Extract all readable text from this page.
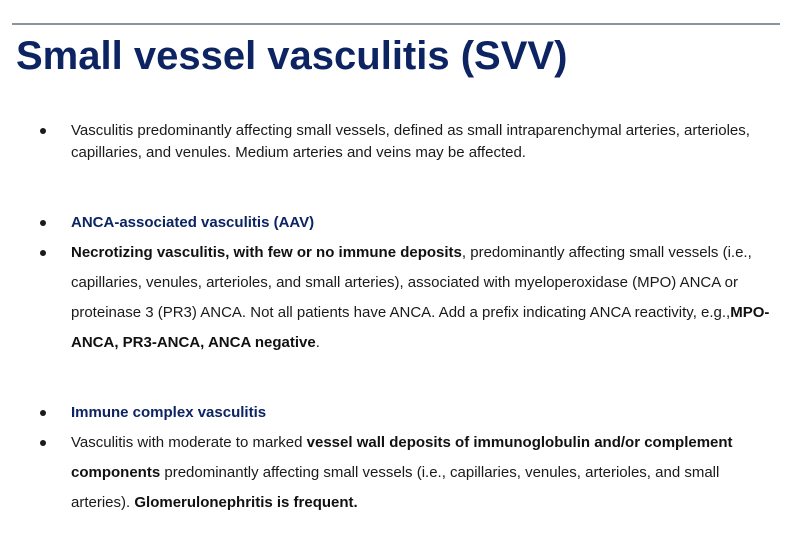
Small vessel vasculitis (SVV)
Vasculitis predominantly affecting small vessels, defined as small intraparenchymal arteries, arterioles, capillaries, and venules. Medium arteries and veins may be affected.
ANCA-associated vasculitis (AAV)
Necrotizing vasculitis, with few or no immune deposits, predominantly affecting small vessels (i.e., capillaries, venules, arterioles, and small arteries), associated with myeloperoxidase (MPO) ANCA or proteinase 3 (PR3) ANCA. Not all patients have ANCA. Add a prefix indicating ANCA reactivity, e.g.,MPO-ANCA, PR3-ANCA, ANCA negative.
Immune complex vasculitis
Vasculitis with moderate to marked vessel wall deposits of immunoglobulin and/or complement components predominantly affecting small vessels (i.e., capillaries, venules, arterioles, and small arteries). Glomerulonephritis is frequent.
